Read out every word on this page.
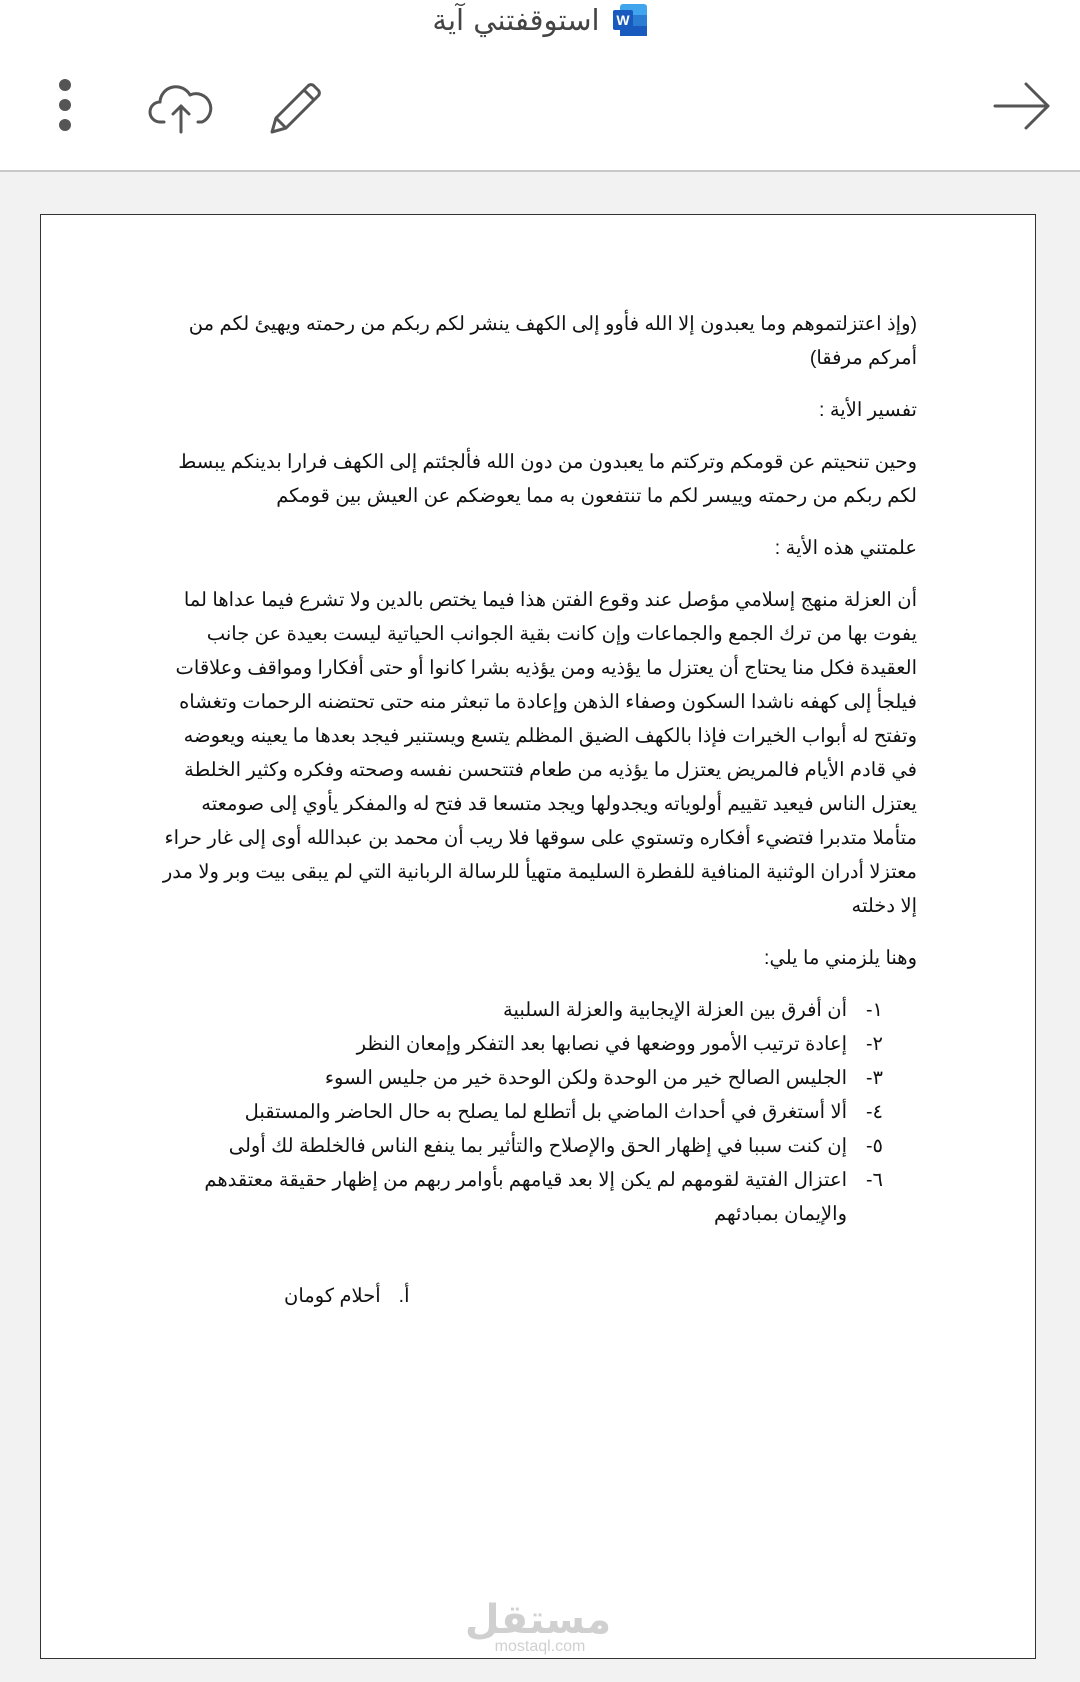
W
استوقفتني آية

(وإذ اعتزلتموهم وما يعبدون إلا الله فأوو إلى الكهف ينشر لكم ربكم من رحمته ويهيئ لكم من أمركم مرفقا)

تفسير الأية :

وحين تنحيتم عن قومكم وتركتم ما يعبدون من دون الله فألجئتم إلى الكهف فرارا بدينكم يبسط لكم ربكم من رحمته وييسر لكم ما تنتفعون به مما يعوضكم عن العيش بين قومكم

علمتني هذه الأية :

أن العزلة منهج إسلامي مؤصل عند وقوع الفتن هذا فيما يختص بالدين ولا تشرع فيما عداها لما يفوت بها من ترك الجمع والجماعات وإن كانت بقية الجوانب الحياتية ليست بعيدة عن جانب العقيدة فكل منا يحتاج أن يعتزل ما يؤذيه ومن يؤذيه بشرا كانوا أو حتى أفكارا ومواقف وعلاقات فيلجأ إلى كهفه ناشدا السكون وصفاء الذهن وإعادة ما تبعثر منه حتى تحتضنه الرحمات وتغشاه وتفتح له أبواب الخيرات فإذا بالكهف الضيق المظلم يتسع ويستنير فيجد بعدها ما يعينه ويعوضه في قادم الأيام فالمريض يعتزل ما يؤذيه من طعام فتتحسن نفسه وصحته وفكره وكثير الخلطة يعتزل الناس فيعيد تقييم أولوياته ويجدولها ويجد متسعا قد فتح له والمفكر يأوي إلى صومعته متأملا متدبرا فتضيء أفكاره وتستوي على سوقها فلا ريب أن محمد بن عبدالله أوى إلى غار حراء معتزلا أدران الوثنية المنافية للفطرة السليمة متهيأ للرسالة الربانية التي لم يبقى بيت وبر ولا مدر إلا دخلته

وهنا يلزمني ما يلي:

١-
أن أفرق بين العزلة الإيجابية والعزلة السلبية
٢-
إعادة ترتيب الأمور ووضعها في نصابها بعد التفكر وإمعان النظر
٣-
الجليس الصالح خير من الوحدة ولكن الوحدة خير من جليس السوء
٤-
ألا أستغرق في أحداث الماضي بل أتطلع لما يصلح به حال الحاضر والمستقبل
٥-
إن كنت سببا في إظهار الحق والإصلاح والتأثير بما ينفع الناس فالخلطة لك أولى
٦-
اعتزال الفتية لقومهم لم يكن إلا بعد قيامهم بأوامر ربهم من إظهار حقيقة معتقدهم والإيمان بمبادئهم
أ.
أحلام كومان
مستقل
mostaql.com
